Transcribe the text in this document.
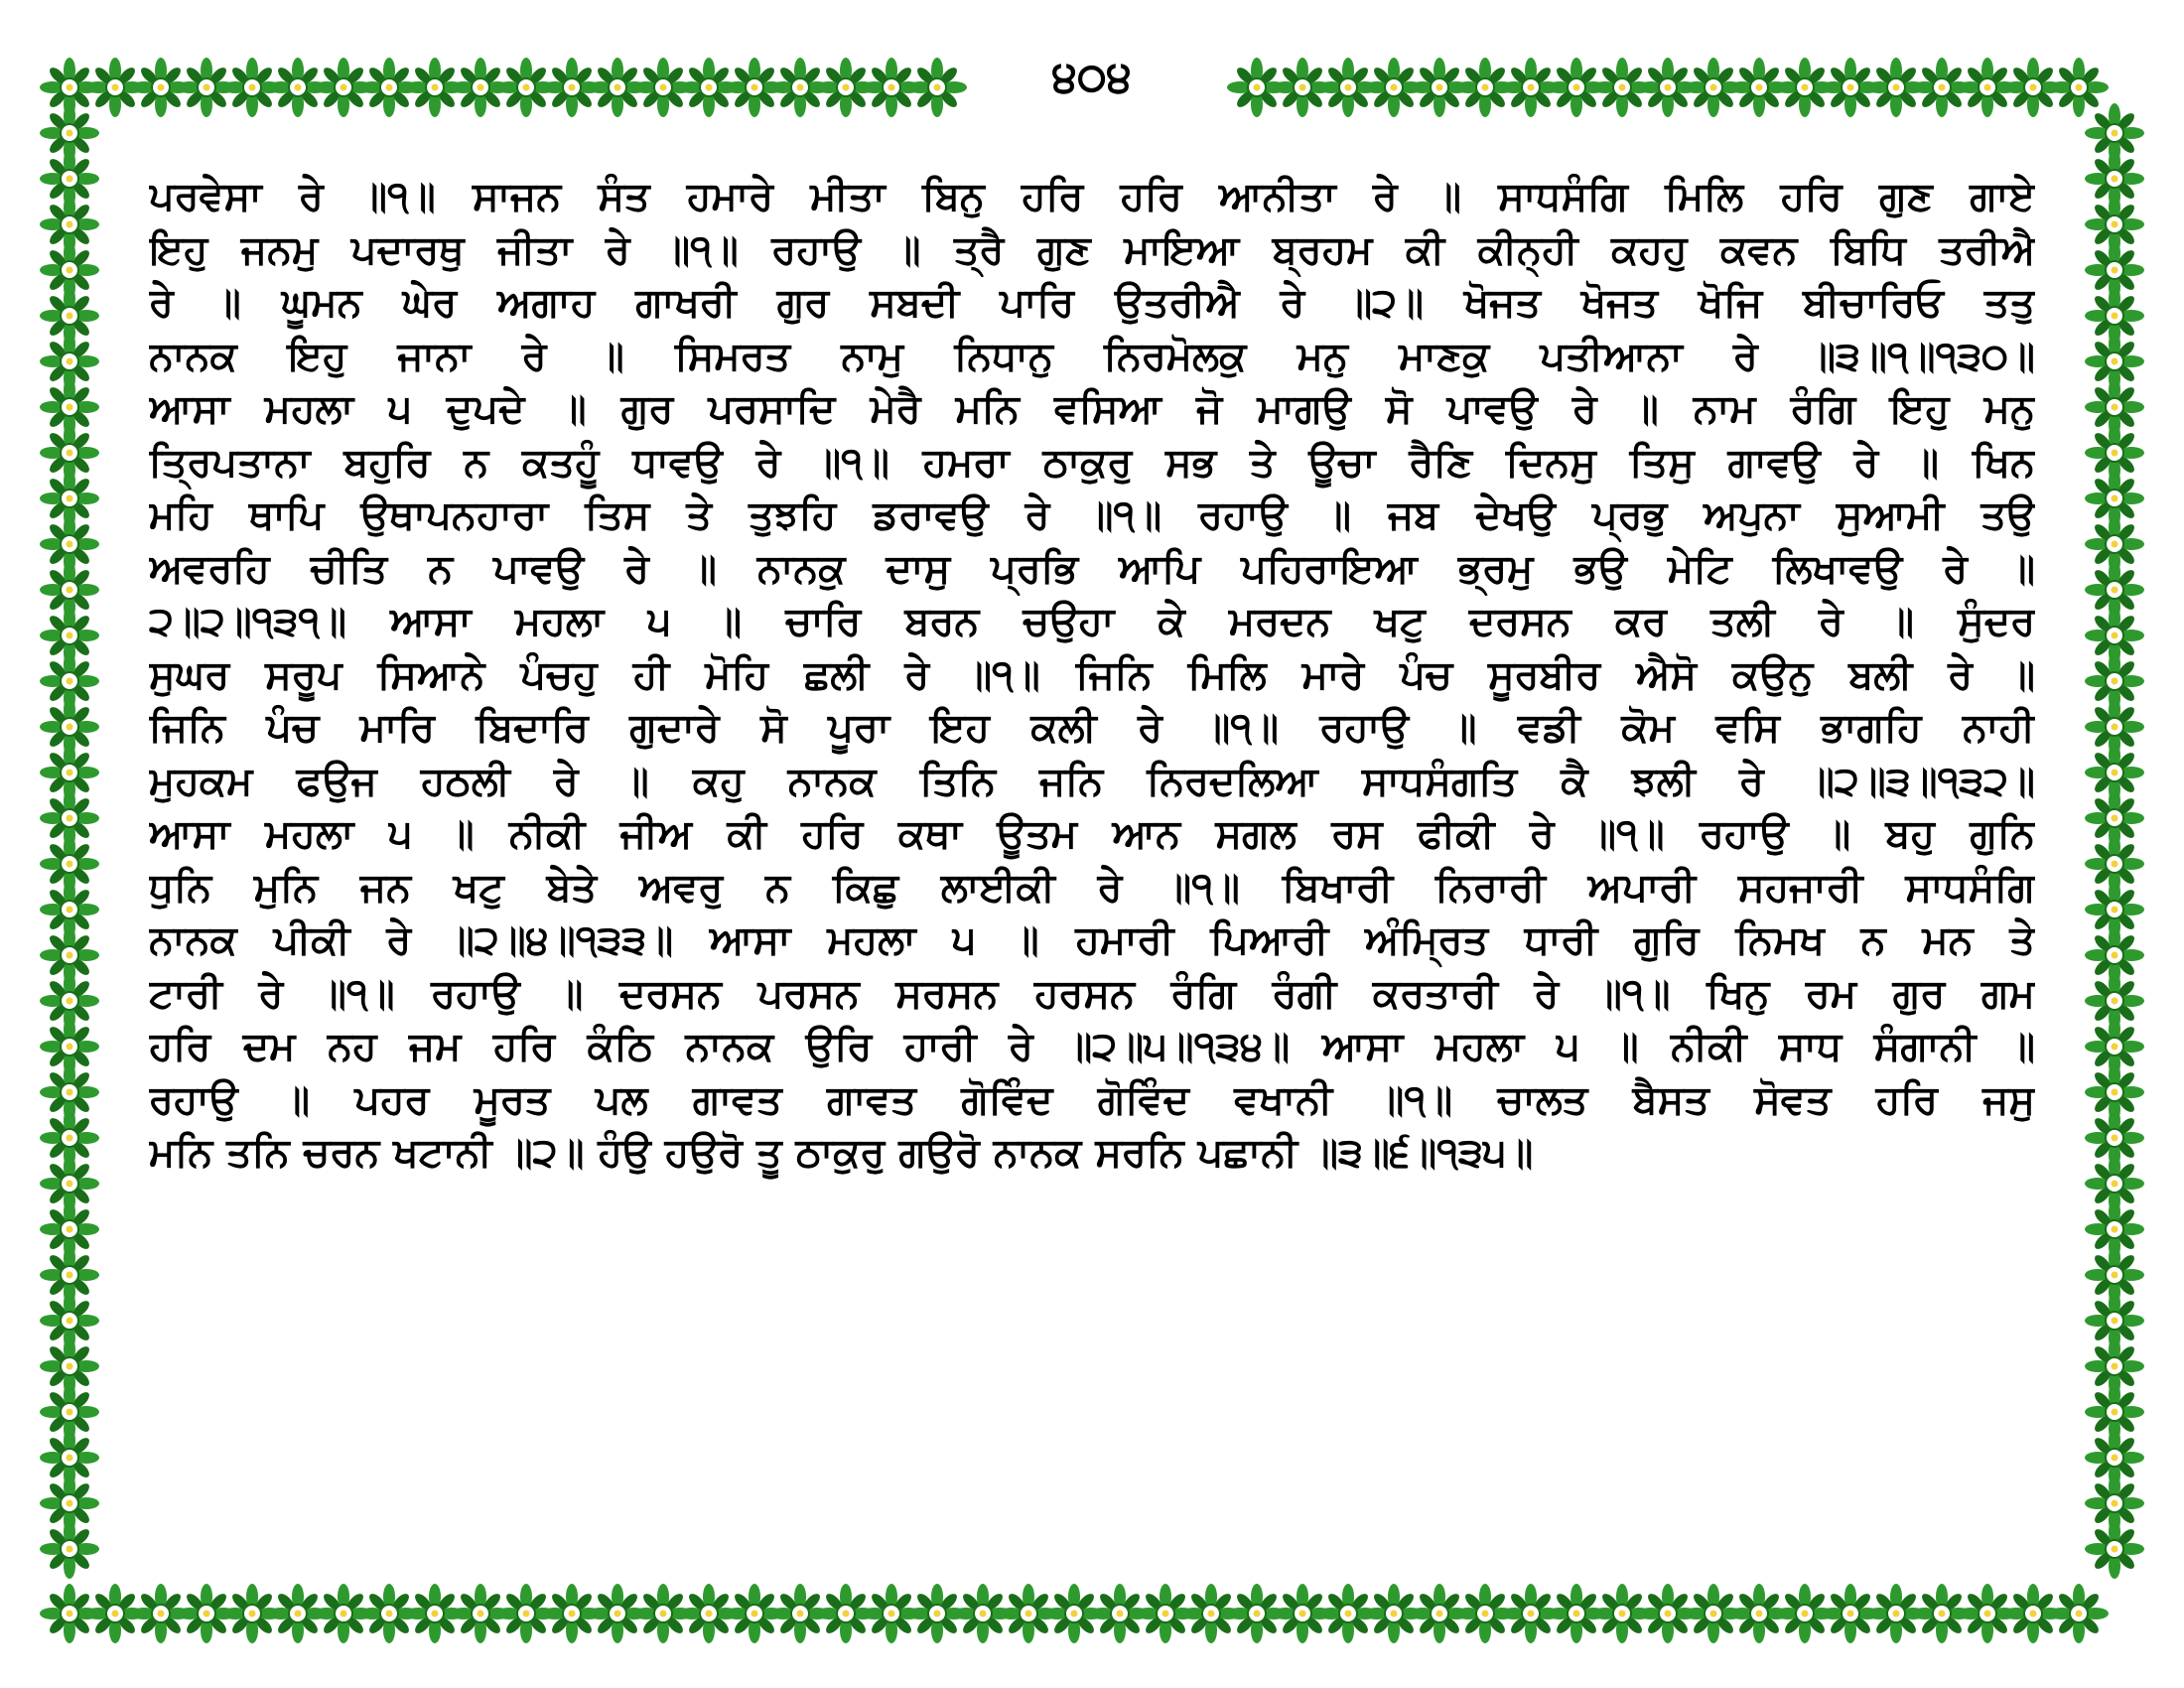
੪੦੪
ਪਰਵੇਸਾ ਰੇ ॥੧॥ ਸਾਜਨ ਸੰਤ ਹਮਾਰੇ ਮੀਤਾ ਬਿਨੁ ਹਰਿ ਹਰਿ ਆਨੀਤਾ ਰੇ ॥ ਸਾਧਸੰਗਿ ਮਿਲਿ ਹਰਿ ਗੁਣ ਗਾਏ
ਇਹੁ ਜਨਮੁ ਪਦਾਰਥੁ ਜੀਤਾ ਰੇ ॥੧॥ ਰਹਾਉ ॥ ਤ੍ਰੈ ਗੁਣ ਮਾਇਆ ਬ੍ਰਹਮ ਕੀ ਕੀਨ੍ਹੀ ਕਹਹੁ ਕਵਨ ਬਿਧਿ ਤਰੀਐ
ਰੇ ॥ ਘੂਮਨ ਘੇਰ ਅਗਾਹ ਗਾਖਰੀ ਗੁਰ ਸਬਦੀ ਪਾਰਿ ਉਤਰੀਐ ਰੇ ॥੨॥ ਖੋਜਤ ਖੋਜਤ ਖੋਜਿ ਬੀਚਾਰਿਓ ਤਤੁ
ਨਾਨਕ ਇਹੁ ਜਾਨਾ ਰੇ ॥ ਸਿਮਰਤ ਨਾਮੁ ਨਿਧਾਨੁ ਨਿਰਮੋਲਕੁ ਮਨੁ ਮਾਣਕੁ ਪਤੀਆਨਾ ਰੇ ॥੩॥੧॥੧੩੦॥
ਆਸਾ ਮਹਲਾ ੫ ਦੁਪਦੇ ॥ ਗੁਰ ਪਰਸਾਦਿ ਮੇਰੈ ਮਨਿ ਵਸਿਆ ਜੋ ਮਾਗਉ ਸੋ ਪਾਵਉ ਰੇ ॥ ਨਾਮ ਰੰਗਿ ਇਹੁ ਮਨੁ
ਤ੍ਰਿਪਤਾਨਾ ਬਹੁਰਿ ਨ ਕਤਹੂੰ ਧਾਵਉ ਰੇ ॥੧॥ ਹਮਰਾ ਠਾਕੁਰੁ ਸਭ ਤੇ ਊਚਾ ਰੈਣਿ ਦਿਨਸੁ ਤਿਸੁ ਗਾਵਉ ਰੇ ॥ ਖਿਨ
ਮਹਿ ਥਾਪਿ ਉਥਾਪਨਹਾਰਾ ਤਿਸ ਤੇ ਤੁਝਹਿ ਡਰਾਵਉ ਰੇ ॥੧॥ ਰਹਾਉ ॥ ਜਬ ਦੇਖਉ ਪ੍ਰਭੁ ਅਪੁਨਾ ਸੁਆਮੀ ਤਉ
ਅਵਰਹਿ ਚੀਤਿ ਨ ਪਾਵਉ ਰੇ ॥ ਨਾਨਕੁ ਦਾਸੁ ਪ੍ਰਭਿ ਆਪਿ ਪਹਿਰਾਇਆ ਭ੍ਰਮੁ ਭਉ ਮੇਟਿ ਲਿਖਾਵਉ ਰੇ ॥
੨॥੨॥੧੩੧॥ ਆਸਾ ਮਹਲਾ ੫ ॥ ਚਾਰਿ ਬਰਨ ਚਉਹਾ ਕੇ ਮਰਦਨ ਖਟੁ ਦਰਸਨ ਕਰ ਤਲੀ ਰੇ ॥ ਸੁੰਦਰ
ਸੁਘਰ ਸਰੂਪ ਸਿਆਨੇ ਪੰਚਹੁ ਹੀ ਮੋਹਿ ਛਲੀ ਰੇ ॥੧॥ ਜਿਨਿ ਮਿਲਿ ਮਾਰੇ ਪੰਚ ਸੂਰਬੀਰ ਐਸੋ ਕਉਨੁ ਬਲੀ ਰੇ ॥
ਜਿਨਿ ਪੰਚ ਮਾਰਿ ਬਿਦਾਰਿ ਗੁਦਾਰੇ ਸੋ ਪੂਰਾ ਇਹ ਕਲੀ ਰੇ ॥੧॥ ਰਹਾਉ ॥ ਵਡੀ ਕੋਮ ਵਸਿ ਭਾਗਹਿ ਨਾਹੀ
ਮੁਹਕਮ ਫਉਜ ਹਠਲੀ ਰੇ ॥ ਕਹੁ ਨਾਨਕ ਤਿਨਿ ਜਨਿ ਨਿਰਦਲਿਆ ਸਾਧਸੰਗਤਿ ਕੈ ਝਲੀ ਰੇ ॥੨॥੩॥੧੩੨॥
ਆਸਾ ਮਹਲਾ ੫ ॥ ਨੀਕੀ ਜੀਅ ਕੀ ਹਰਿ ਕਥਾ ਊਤਮ ਆਨ ਸਗਲ ਰਸ ਫੀਕੀ ਰੇ ॥੧॥ ਰਹਾਉ ॥ ਬਹੁ ਗੁਨਿ
ਧੁਨਿ ਮੁਨਿ ਜਨ ਖਟੁ ਬੇਤੇ ਅਵਰੁ ਨ ਕਿਛੁ ਲਾਈਕੀ ਰੇ ॥੧॥ ਬਿਖਾਰੀ ਨਿਰਾਰੀ ਅਪਾਰੀ ਸਹਜਾਰੀ ਸਾਧਸੰਗਿ
ਨਾਨਕ ਪੀਕੀ ਰੇ ॥੨॥੪॥੧੩੩॥ ਆਸਾ ਮਹਲਾ ੫ ॥ ਹਮਾਰੀ ਪਿਆਰੀ ਅੰਮ੍ਰਿਤ ਧਾਰੀ ਗੁਰਿ ਨਿਮਖ ਨ ਮਨ ਤੇ
ਟਾਰੀ ਰੇ ॥੧॥ ਰਹਾਉ ॥ ਦਰਸਨ ਪਰਸਨ ਸਰਸਨ ਹਰਸਨ ਰੰਗਿ ਰੰਗੀ ਕਰਤਾਰੀ ਰੇ ॥੧॥ ਖਿਨੁ ਰਮ ਗੁਰ ਗਮ
ਹਰਿ ਦਮ ਨਹ ਜਮ ਹਰਿ ਕੰਠਿ ਨਾਨਕ ਉਰਿ ਹਾਰੀ ਰੇ ॥੨॥੫॥੧੩੪॥ ਆਸਾ ਮਹਲਾ ੫ ॥ ਨੀਕੀ ਸਾਧ ਸੰਗਾਨੀ ॥
ਰਹਾਉ ॥ ਪਹਰ ਮੂਰਤ ਪਲ ਗਾਵਤ ਗਾਵਤ ਗੋਵਿੰਦ ਗੋਵਿੰਦ ਵਖਾਨੀ ॥੧॥ ਚਾਲਤ ਬੈਸਤ ਸੋਵਤ ਹਰਿ ਜਸੁ
ਮਨਿ ਤਨਿ ਚਰਨ ਖਟਾਨੀ ॥੨॥ ਹੰਉ ਹਉਰੋ ਤੂ ਠਾਕੁਰੁ ਗਉਰੋ ਨਾਨਕ ਸਰਨਿ ਪਛਾਨੀ ॥੩॥੬॥੧੩੫॥
